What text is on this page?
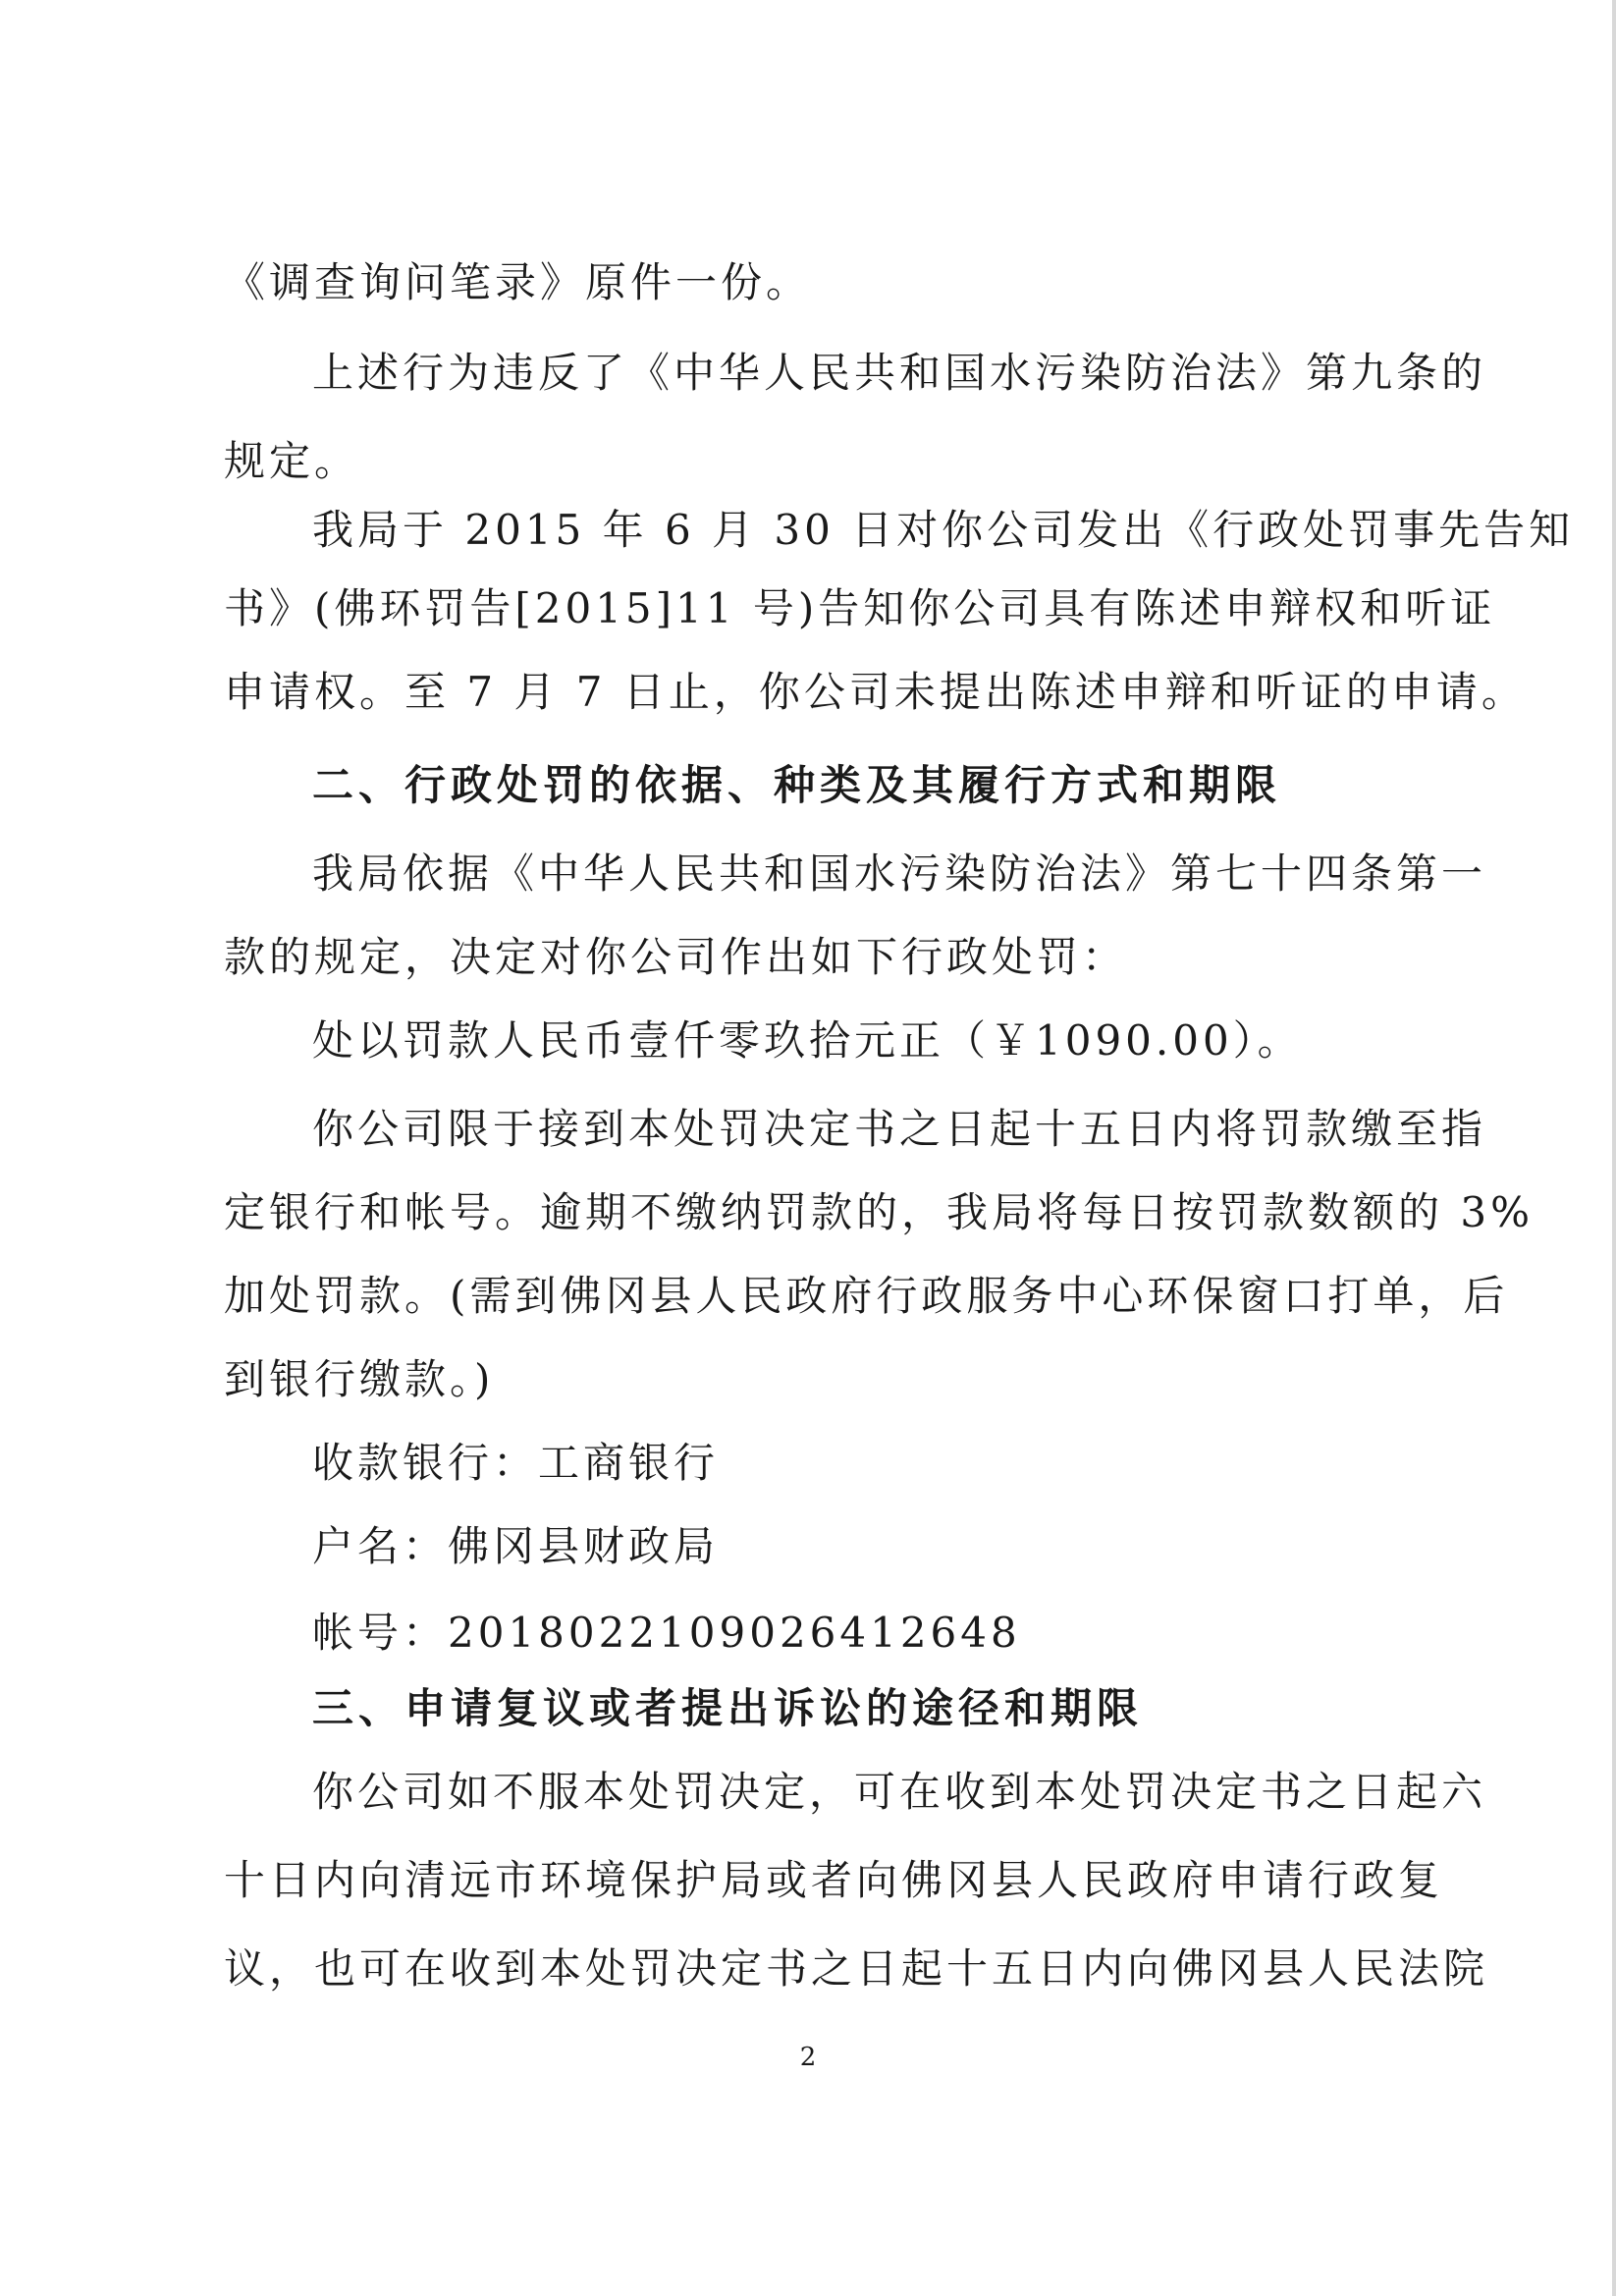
《调查询问笔录》原件一份。
上述行为违反了《中华人民共和国水污染防治法》第九条的
规定。
我局于 2015 年 6 月 30 日对你公司发出《行政处罚事先告知
书》(佛环罚告[2015]11 号)告知你公司具有陈述申辩权和听证
申请权。至 7 月 7 日止，你公司未提出陈述申辩和听证的申请。
二、行政处罚的依据、种类及其履行方式和期限
我局依据《中华人民共和国水污染防治法》第七十四条第一
款的规定，决定对你公司作出如下行政处罚：
处以罚款人民币壹仟零玖拾元正（￥1090.00）。
你公司限于接到本处罚决定书之日起十五日内将罚款缴至指
定银行和帐号。逾期不缴纳罚款的，我局将每日按罚款数额的 3%
加处罚款。(需到佛冈县人民政府行政服务中心环保窗口打单，后
到银行缴款。)
收款银行：工商银行
户名：佛冈县财政局
帐号：2018022109026412648
三、申请复议或者提出诉讼的途径和期限
你公司如不服本处罚决定，可在收到本处罚决定书之日起六
十日内向清远市环境保护局或者向佛冈县人民政府申请行政复
议，也可在收到本处罚决定书之日起十五日内向佛冈县人民法院
2
